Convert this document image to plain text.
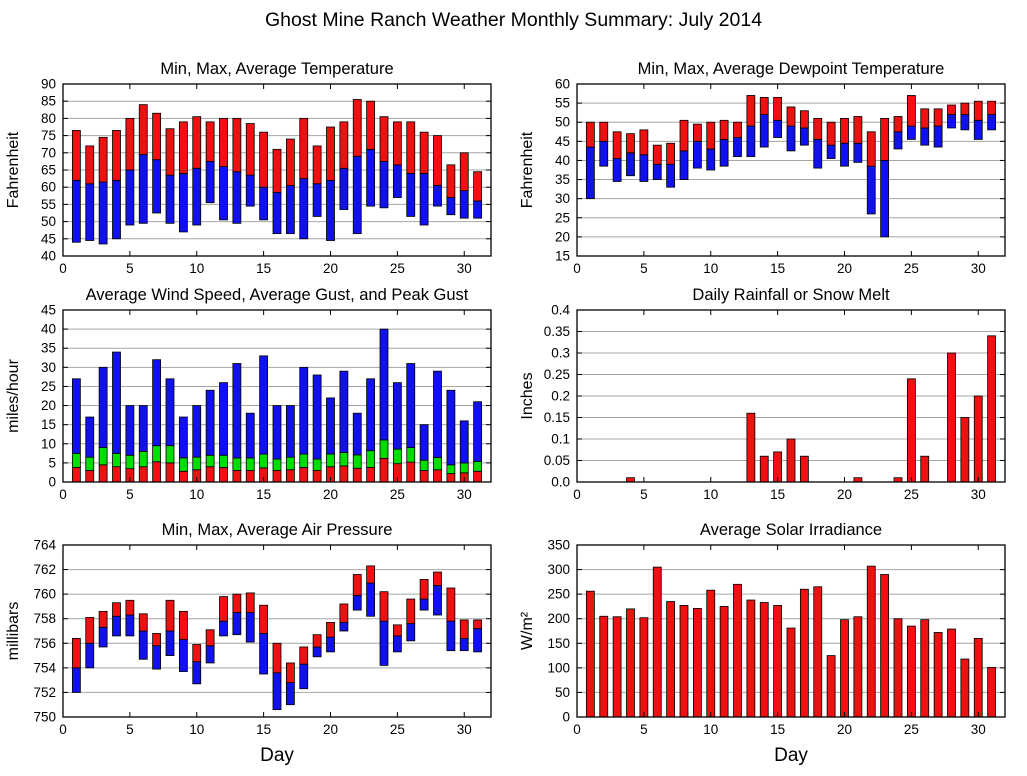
Ghost Mine Ranch Weather Monthly Summary: July 2014
Min, Max, Average Temperature
Fahrenheit
0	5	10	15	20	25	30
40
45
50
55
60
65
70
75
80
85
90
Min, Max, Average Dewpoint Temperature
Fahrenheit
0	5	10	15	20	25	30
15
20
25
30
35
40
45
50
55
60
Average Wind Speed, Average Gust, and Peak Gust
miles/hour
0	5	10	15	20	25	30
0
5
10
15
20
25
30
35
40
45
Daily Rainfall or Snow Melt
Inches
0	5	10	15	20	25	30
0.0
0.05
0.1
0.15
0.2
0.25
0.3
0.35
0.4
Min, Max, Average Air Pressure
millibars
Day
0	5	10	15	20	25	30
750
752
754
756
758
760
762
764
Average Solar Irradiance
W/m²
Day
0	5	10	15	20	25	30
0
50
100
150
200
250
300
350
